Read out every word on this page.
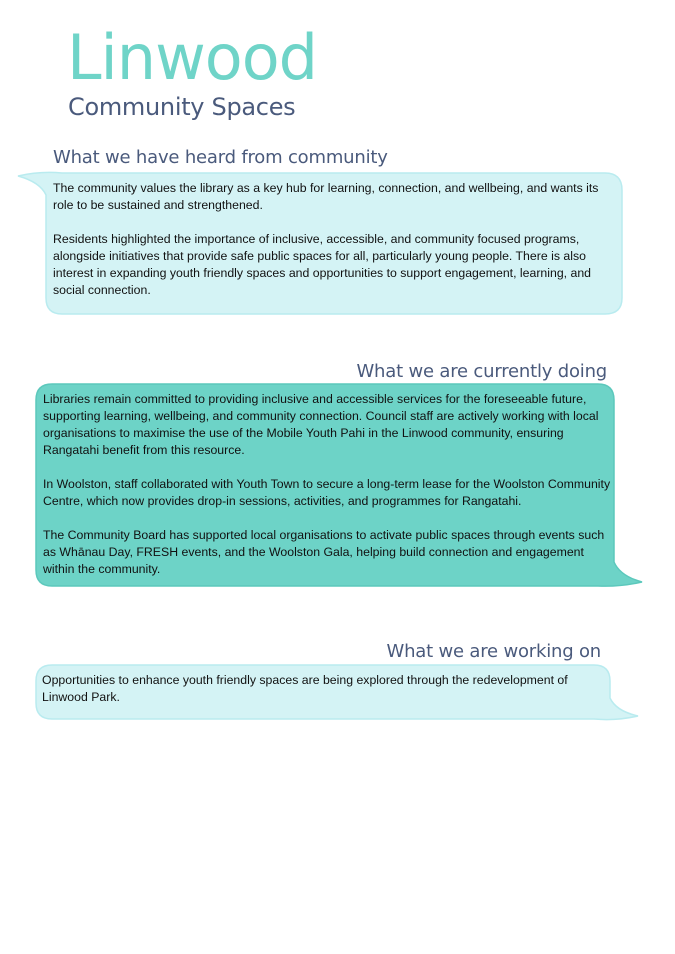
Linwood
Community Spaces
What we have heard from community

The community values the library as a key hub for learning, connection, and wellbeing, and wants its role to be sustained and strengthened.

Residents highlighted the importance of inclusive, accessible, and community focused programs, alongside initiatives that provide safe public spaces for all, particularly young people. There is also interest in expanding youth friendly spaces and opportunities to support engagement, learning, and social connection.

What we are currently doing

Libraries remain committed to providing inclusive and accessible services for the foreseeable future, supporting learning, wellbeing, and community connection. Council staff are actively working with local organisations to maximise the use of the Mobile Youth Pahi in the Linwood community, ensuring Rangatahi benefit from this resource.

In Woolston, staff collaborated with Youth Town to secure a long-term lease for the Woolston Community Centre, which now provides drop-in sessions, activities, and programmes for Rangatahi.

The Community Board has supported local organisations to activate public spaces through events such as Whānau Day, FRESH events, and the Woolston Gala, helping build connection and engagement within the community.

What we are working on

Opportunities to enhance youth friendly spaces are being explored through the redevelopment of Linwood Park.
